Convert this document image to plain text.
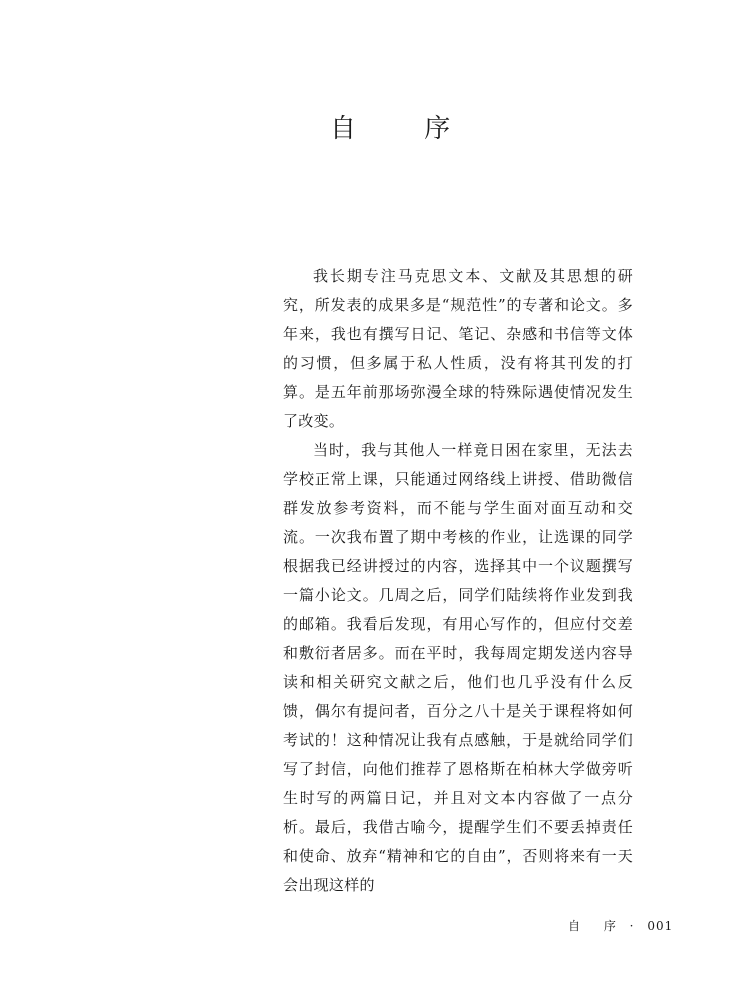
自 序

我长期专注马克思文本、文献及其思想的研究，所发表的成果多是“规范性”的专著和论文。多年来，我也有撰写日记、笔记、杂感和书信等文体的习惯，但多属于私人性质，没有将其刊发的打算。是五年前那场弥漫全球的特殊际遇使情况发生了改变。

当时，我与其他人一样竟日困在家里，无法去学校正常上课，只能通过网络线上讲授、借助微信群发放参考资料，而不能与学生面对面互动和交流。一次我布置了期中考核的作业，让选课的同学根据我已经讲授过的内容，选择其中一个议题撰写一篇小论文。几周之后，同学们陆续将作业发到我的邮箱。我看后发现，有用心写作的，但应付交差和敷衍者居多。而在平时，我每周定期发送内容导读和相关研究文献之后，他们也几乎没有什么反馈，偶尔有提问者，百分之八十是关于课程将如何考试的！这种情况让我有点感触，于是就给同学们写了封信，向他们推荐了恩格斯在柏林大学做旁听生时写的两篇日记，并且对文本内容做了一点分析。最后，我借古喻今，提醒学生们不要丢掉责任和使命、放弃“精神和它的自由”，否则将来有一天会出现这样的

自 序 · 001
